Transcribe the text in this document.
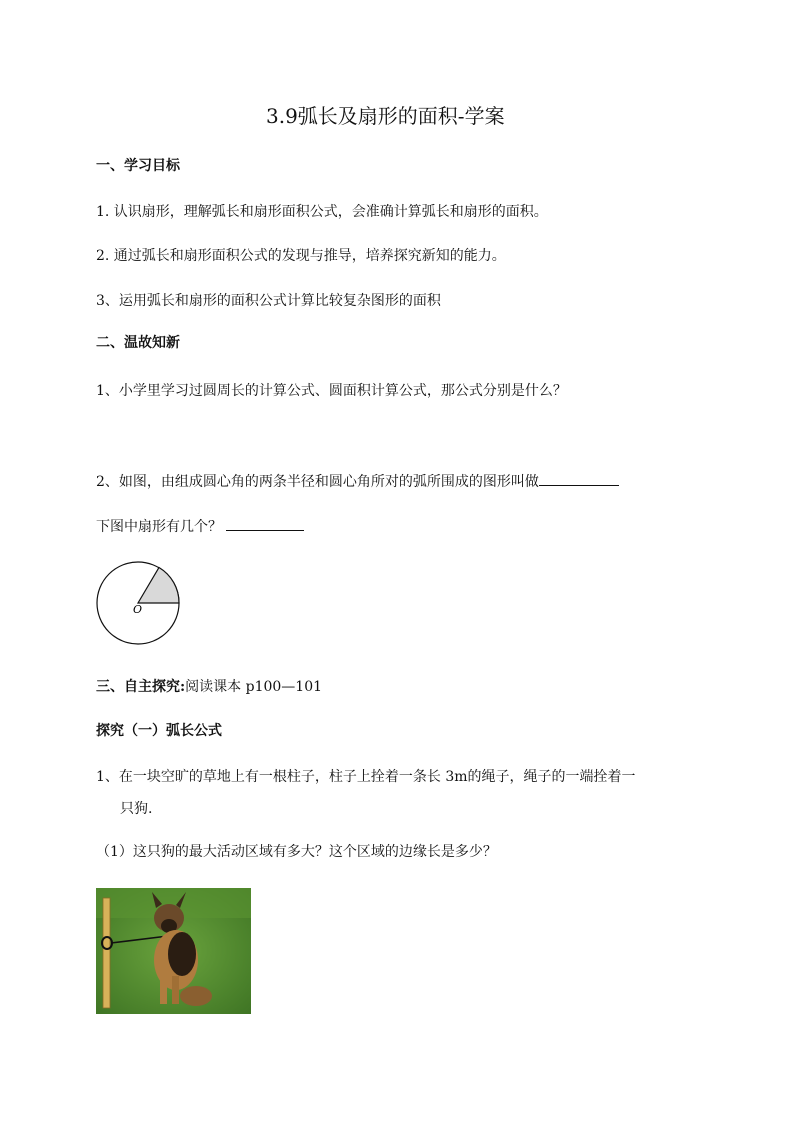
3.9弧长及扇形的面积-学案
一、学习目标
1. 认识扇形，理解弧长和扇形面积公式，会准确计算弧长和扇形的面积。
2. 通过弧长和扇形面积公式的发现与推导，培养探究新知的能力。
3、运用弧长和扇形的面积公式计算比较复杂图形的面积
二、温故知新
1、小学里学习过圆周长的计算公式、圆面积计算公式，那公式分别是什么？
2、如图，由组成圆心角的两条半径和圆心角所对的弧所围成的图形叫做
下图中扇形有几个？
O
三、自主探究:阅读课本 p100—101
探究（一）弧长公式
1、在一块空旷的草地上有一根柱子，柱子上拴着一条长 3m的绳子，绳子的一端拴着一
只狗.
（1）这只狗的最大活动区域有多大？这个区域的边缘长是多少？
